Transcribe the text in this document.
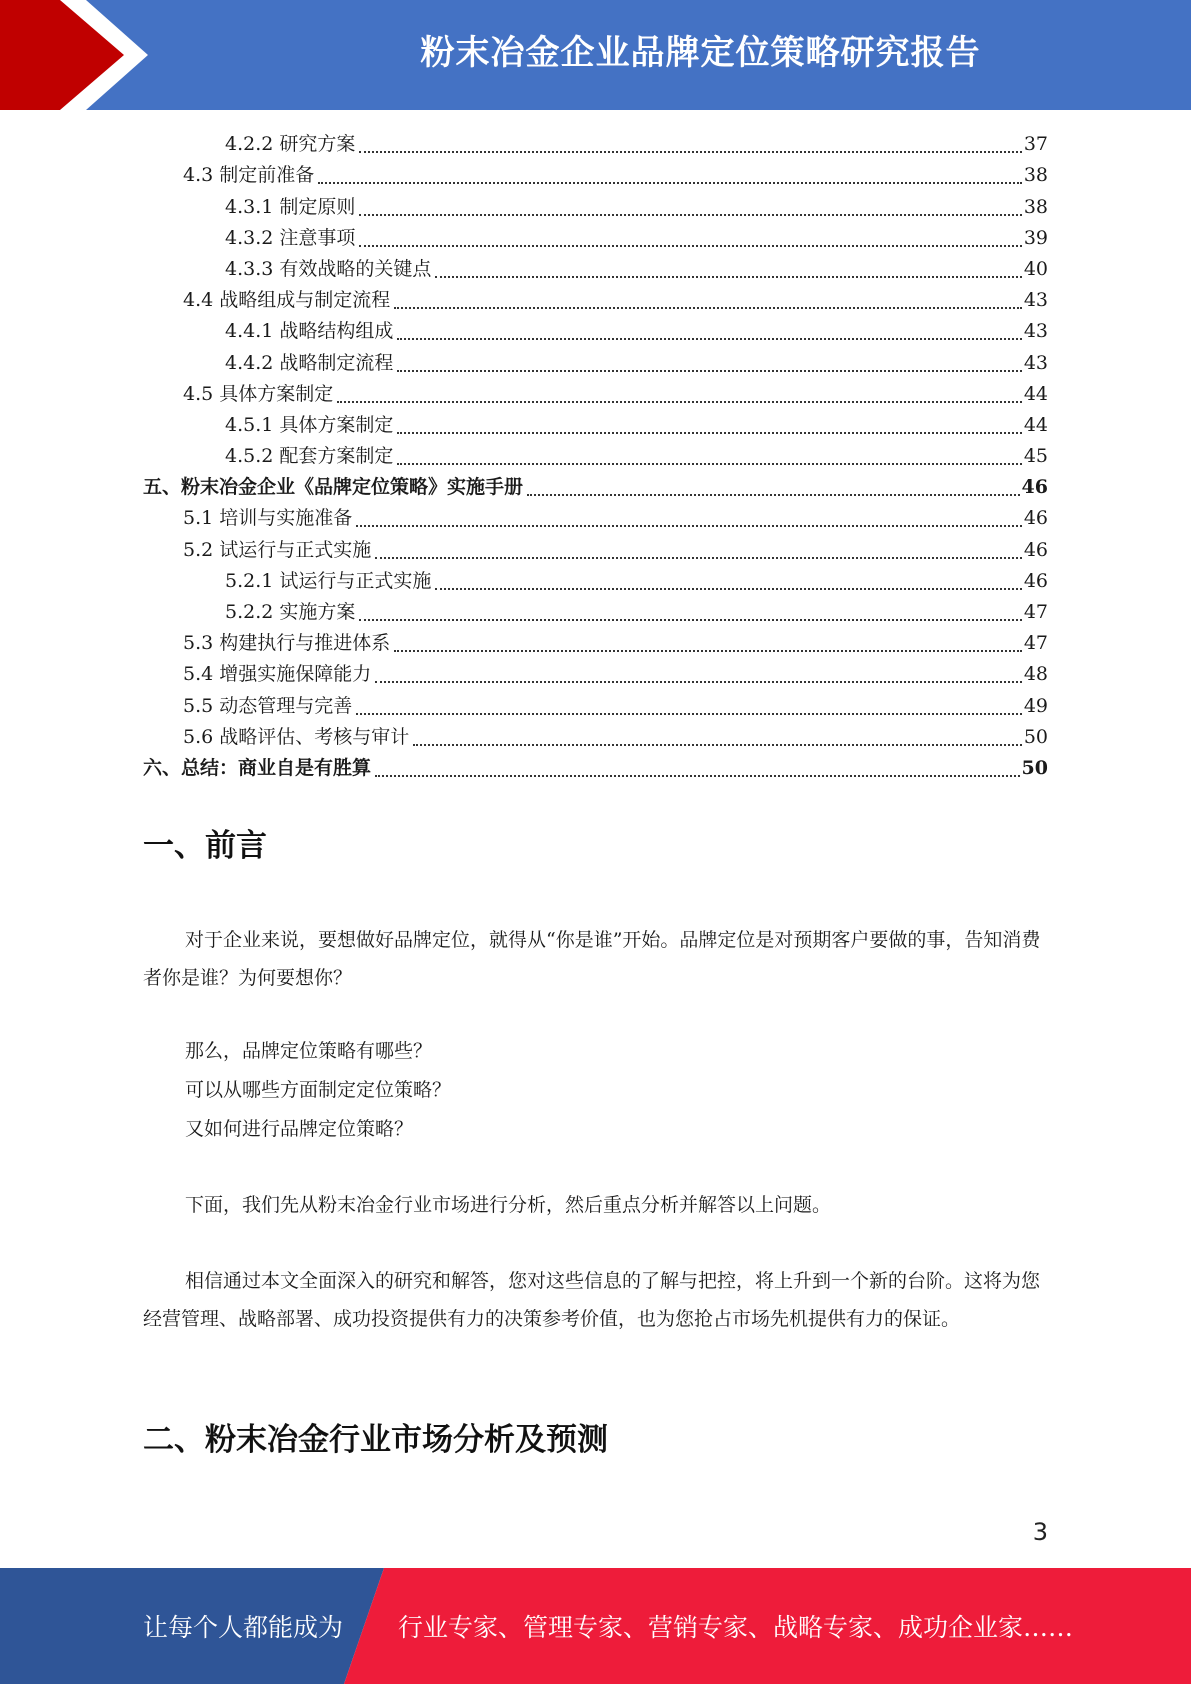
粉末冶金企业品牌定位策略研究报告
4.2.2 研究方案	37
4.3 制定前准备	38
4.3.1 制定原则	38
4.3.2 注意事项	39
4.3.3 有效战略的关键点	40
4.4 战略组成与制定流程	43
4.4.1 战略结构组成	43
4.4.2 战略制定流程	43
4.5 具体方案制定	44
4.5.1 具体方案制定	44
4.5.2 配套方案制定	45
五、粉末冶金企业《品牌定位策略》实施手册	46
5.1 培训与实施准备	46
5.2 试运行与正式实施	46
5.2.1 试运行与正式实施	46
5.2.2 实施方案	47
5.3 构建执行与推进体系	47
5.4 增强实施保障能力	48
5.5 动态管理与完善	49
5.6 战略评估、考核与审计	50
六、总结：商业自是有胜算	50
一、前言

对于企业来说，要想做好品牌定位，就得从“你是谁”开始。品牌定位是对预期客户要做的事，告知消费者你是谁？为何要想你？

那么，品牌定位策略有哪些？
可以从哪些方面制定定位策略？
又如何进行品牌定位策略？

下面，我们先从粉末冶金行业市场进行分析，然后重点分析并解答以上问题。

相信通过本文全面深入的研究和解答，您对这些信息的了解与把控，将上升到一个新的台阶。这将为您经营管理、战略部署、成功投资提供有力的决策参考价值，也为您抢占市场先机提供有力的保证。

二、粉末冶金行业市场分析及预测
3
让每个人都能成为 行业专家、管理专家、营销专家、战略专家、成功企业家……
